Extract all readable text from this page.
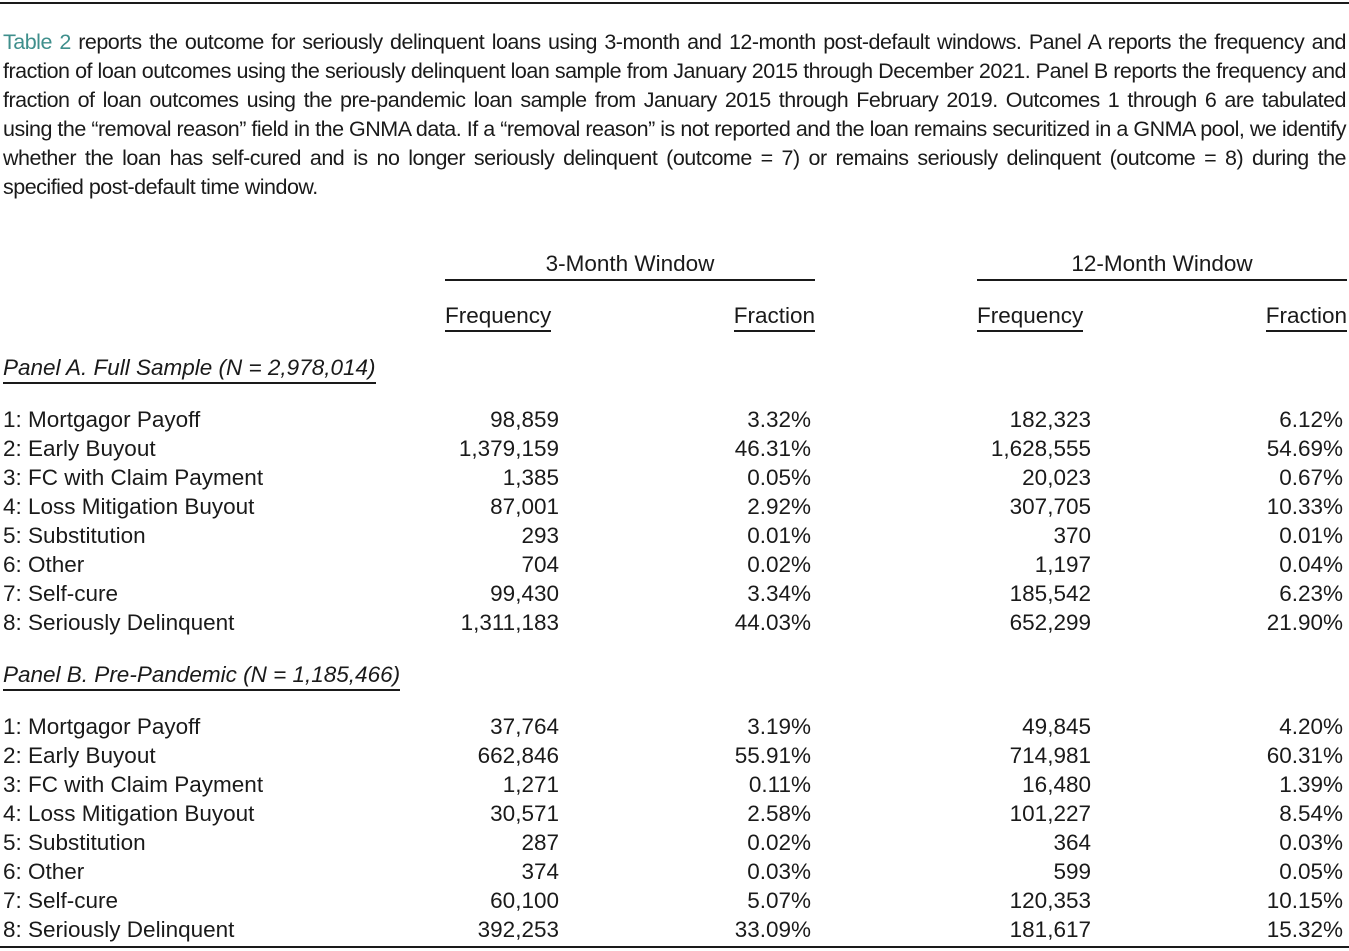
Table 2 reports the outcome for seriously delinquent loans using 3-month and 12-month post-default windows. Panel A reports the frequency and fraction of loan outcomes using the seriously delinquent loan sample from January 2015 through December 2021. Panel B reports the frequency and fraction of loan outcomes using the pre-pandemic loan sample from January 2015 through February 2019. Outcomes 1 through 6 are tabulated using the “removal reason” field in the GNMA data. If a “removal reason” is not reported and the loan remains securitized in a GNMA pool, we identify whether the loan has self-cured and is no longer seriously delinquent (outcome = 7) or remains seriously delinquent (outcome = 8) during the specified post-default time window.

3-Month Window	12-Month Window
Frequency	Fraction	Frequency	Fraction
Panel A. Full Sample (N = 2,978,014)
1: Mortgagor Payoff	98,859	3.32%	182,323	6.12%
2: Early Buyout	1,379,159	46.31%	1,628,555	54.69%
3: FC with Claim Payment	1,385	0.05%	20,023	0.67%
4: Loss Mitigation Buyout	87,001	2.92%	307,705	10.33%
5: Substitution	293	0.01%	370	0.01%
6: Other	704	0.02%	1,197	0.04%
7: Self-cure	99,430	3.34%	185,542	6.23%
8: Seriously Delinquent	1,311,183	44.03%	652,299	21.90%
Panel B. Pre-Pandemic (N = 1,185,466)
1: Mortgagor Payoff	37,764	3.19%	49,845	4.20%
2: Early Buyout	662,846	55.91%	714,981	60.31%
3: FC with Claim Payment	1,271	0.11%	16,480	1.39%
4: Loss Mitigation Buyout	30,571	2.58%	101,227	8.54%
5: Substitution	287	0.02%	364	0.03%
6: Other	374	0.03%	599	0.05%
7: Self-cure	60,100	5.07%	120,353	10.15%
8: Seriously Delinquent	392,253	33.09%	181,617	15.32%
